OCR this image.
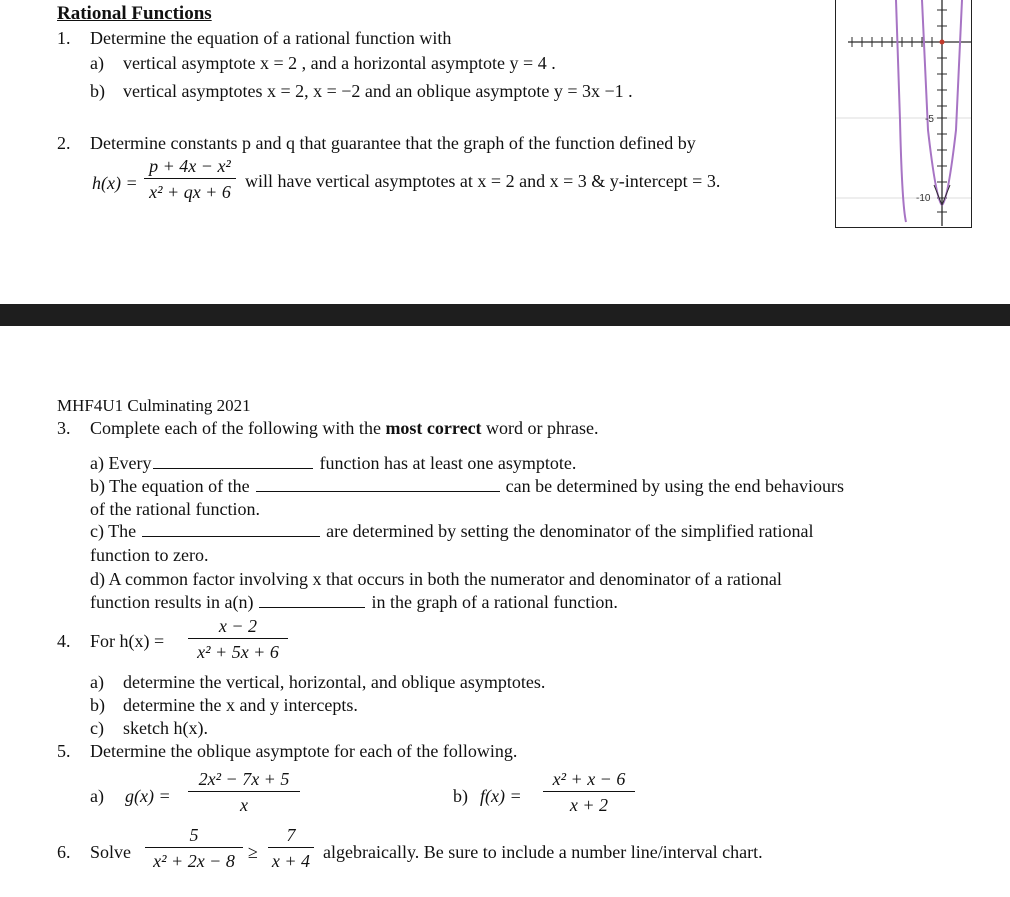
Rational Functions
1. Determine the equation of a rational function with
a) vertical asymptote x = 2 , and a horizontal asymptote y = 4 .
b) vertical asymptotes x = 2, x = −2 and an oblique asymptote y = 3x −1 .
2. Determine constants p and q that guarantee that the graph of the function defined by
h(x) =
p + 4x − x²
x² + qx + 6
will have vertical asymptotes at x = 2 and x = 3 & y-intercept = 3.
-5
-10
MHF4U1 Culminating 2021
3. Complete each of the following with the most correct word or phrase.
a) Every	function has at least one asymptote.
b) The equation of the	can be determined by using the end behaviours
of the rational function.
c) The	are determined by setting the denominator of the simplified rational
function to zero.
d) A common factor involving x that occurs in both the numerator and denominator of a rational
function results in a(n)	in the graph of a rational function.
4. For h(x) =
x − 2
x² + 5x + 6
a) determine the vertical, horizontal, and oblique asymptotes.
b) determine the x and y intercepts.
c) sketch h(x).
5. Determine the oblique asymptote for each of the following.
a) g(x) =
2x² − 7x + 5
x	b) f(x) =
x² + x − 6
x + 2
6. Solve
5
x² + 2x − 8 ≥
7
x + 4 algebraically. Be sure to include a number line/interval chart.
